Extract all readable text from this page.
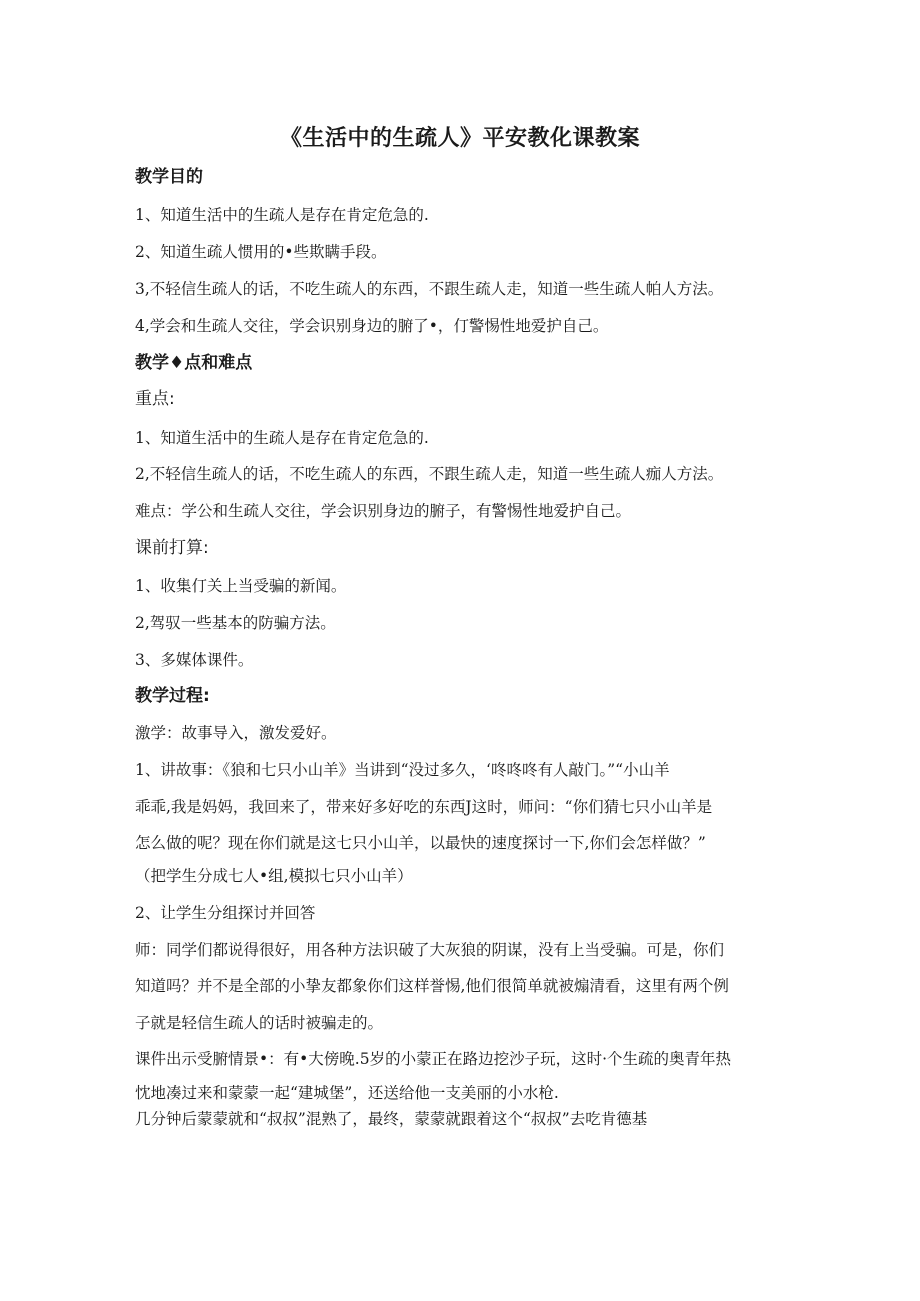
《生活中的生疏人》平安教化课教案
教学目的
1、知道生活中的生疏人是存在肯定危急的.
2、知道生疏人惯用的•些欺瞒手段。
3,不轻信生疏人的话，不吃生疏人的东西，不跟生疏人走，知道一些生疏人帕人方法。
4,学会和生疏人交往，学会识别身边的腑了•，仃警惕性地爱护自己。
教学♦点和难点
重点:
1、知道生活中的生疏人是存在肯定危急的.
2,不轻信生疏人的话，不吃生疏人的东西，不跟生疏人走，知道一些生疏人痂人方法。
难点：学公和生疏人交往，学会识别身边的腑子，有警惕性地爱护自己。
课前打算:
1、收集仃关上当受骗的新闻。
2,驾驭一些基本的防骗方法。
3、多媒体课件。
教学过程:
激学：故事导入，激发爱好。
1、讲故事：《狼和七只小山羊》当讲到“没过多久，‘咚咚咚有人敲门。”“小山羊
乖乖,我是妈妈，我回来了，带来好多好吃的东西J这时，师问：“你们猜七只小山羊是
怎么做的呢？现在你们就是这七只小山羊，以最快的速度探讨一下,你们会怎样做？”
（把学生分成七人•组,模拟七只小山羊）
2、让学生分组探讨并回答
师：同学们都说得很好，用各种方法识破了大灰狼的阴谋，没有上当受骗。可是，你们
知道吗？并不是全部的小挚友都象你们这样誉惕,他们很简单就被煽清看，这里有两个例
子就是轻信生疏人的话时被骗走的。
课件出示受腑情景•：有•大傍晚.5岁的小蒙正在路边挖沙子玩，这时·个生疏的奥青年热
忱地凑过来和蒙蒙一起“建城堡”，还送给他一支美丽的小水枪.
几分钟后蒙蒙就和“叔叔”混熟了，最终，蒙蒙就跟着这个“叔叔”去吃肯德基
